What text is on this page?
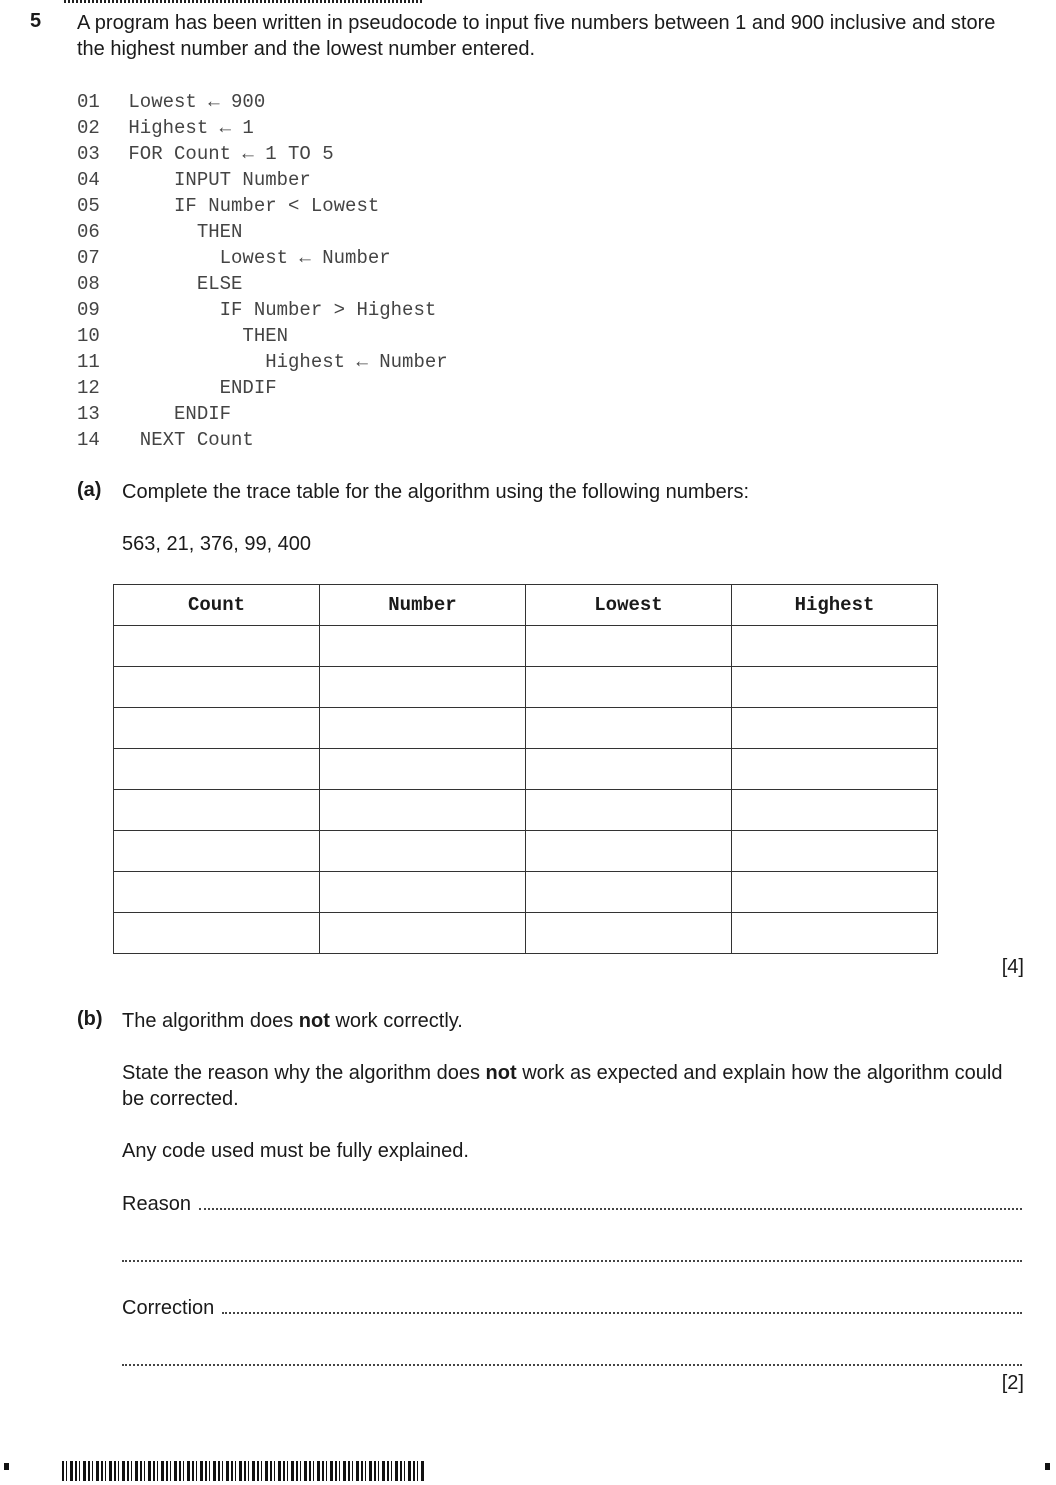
5 A program has been written in pseudocode to input five numbers between 1 and 900 inclusive and store the highest number and the lowest number entered.
01 Lowest ← 900
02 Highest ← 1
03 FOR Count ← 1 TO 5
04     INPUT Number
05     IF Number < Lowest
06       THEN
07         Lowest ← Number
08       ELSE
09         IF Number > Highest
10           THEN
11             Highest ← Number
12         ENDIF
13     ENDIF
14  NEXT Count
(a) Complete the trace table for the algorithm using the following numbers:
563, 21, 376, 99, 400
Count	Number	Lowest	Highest

[4]
(b) The algorithm does not work correctly.
State the reason why the algorithm does not work as expected and explain how the algorithm could be corrected.
Any code used must be fully explained.
Reason
Correction
[2]
